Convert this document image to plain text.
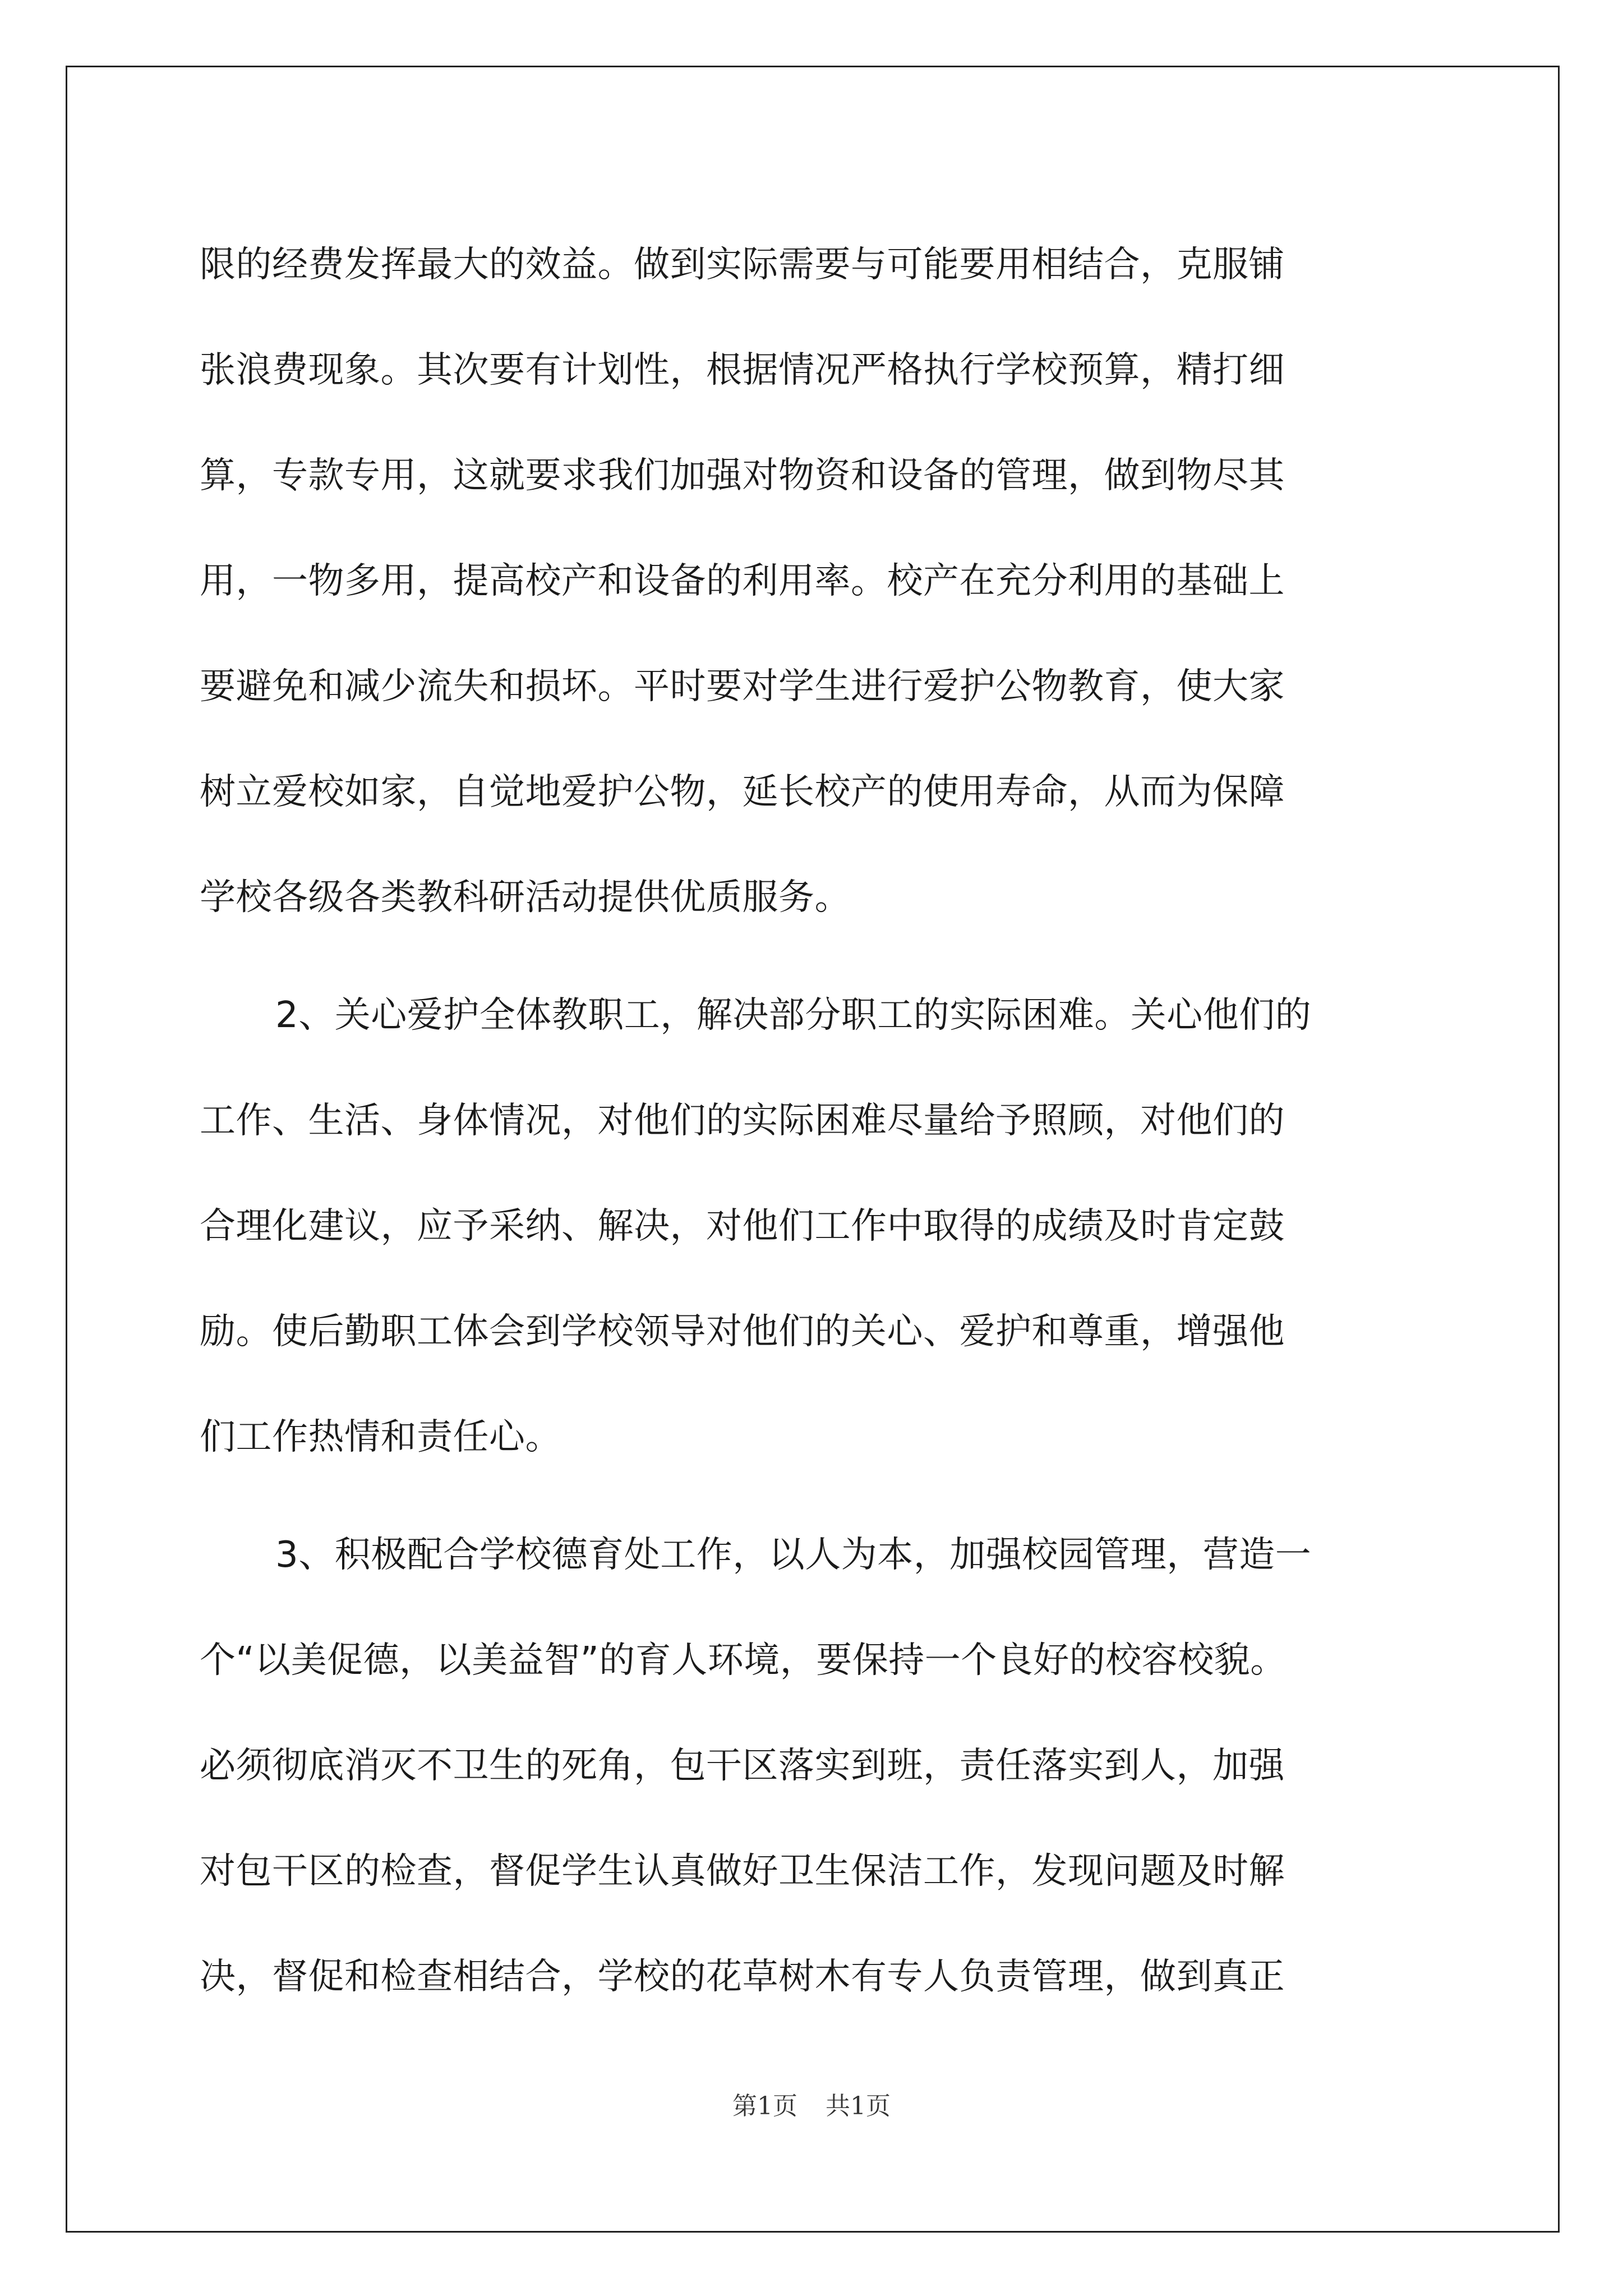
限的经费发挥最大的效益。做到实际需要与可能要用相结合，克服铺
张浪费现象。其次要有计划性，根据情况严格执行学校预算，精打细
算，专款专用，这就要求我们加强对物资和设备的管理，做到物尽其
用，一物多用，提高校产和设备的利用率。校产在充分利用的基础上
要避免和减少流失和损坏。平时要对学生进行爱护公物教育，使大家
树立爱校如家，自觉地爱护公物，延长校产的使用寿命，从而为保障
学校各级各类教科研活动提供优质服务。
2、关心爱护全体教职工，解决部分职工的实际困难。关心他们的
工作、生活、身体情况，对他们的实际困难尽量给予照顾，对他们的
合理化建议，应予采纳、解决，对他们工作中取得的成绩及时肯定鼓
励。使后勤职工体会到学校领导对他们的关心、爱护和尊重，增强他
们工作热情和责任心。
3、积极配合学校德育处工作，以人为本，加强校园管理，营造一
个“以美促德，以美益智”的育人环境，要保持一个良好的校容校貌。
必须彻底消灭不卫生的死角，包干区落实到班，责任落实到人，加强
对包干区的检查，督促学生认真做好卫生保洁工作，发现问题及时解
决，督促和检查相结合，学校的花草树木有专人负责管理，做到真正
第1页 共1页
